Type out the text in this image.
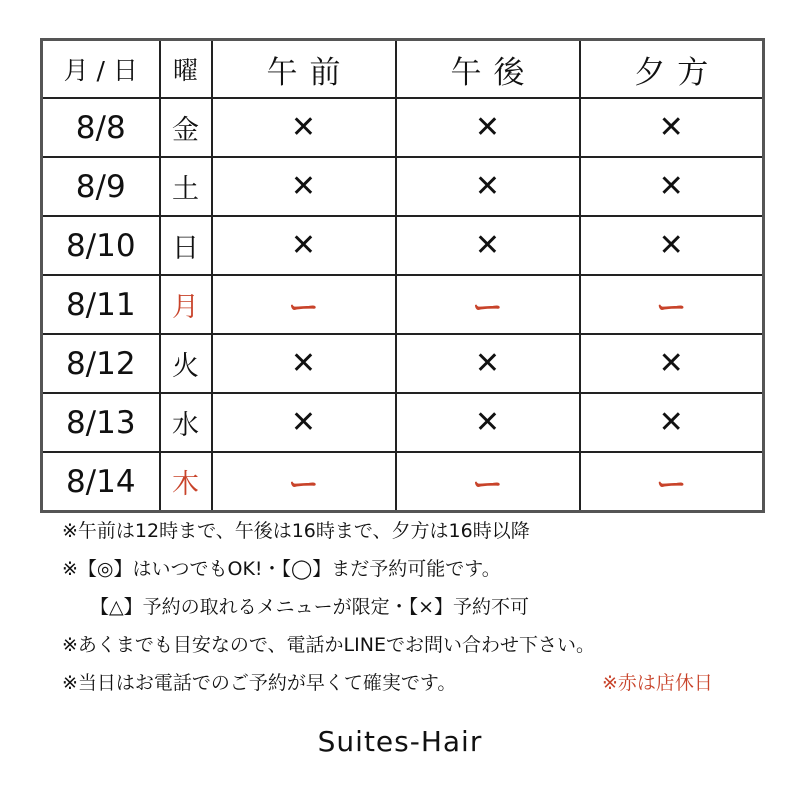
月 / 日	曜	午前	午後	夕方
8/8	金	✕	✕	✕
8/9	土	✕	✕	✕
8/10	日	✕	✕	✕
8/11	月	ー	ー	ー
8/12	火	✕	✕	✕
8/13	水	✕	✕	✕
8/14	木	ー	ー	ー
※午前は12時まで、午後は16時まで、夕方は16時以降
※【◎】はいつでもOK!・【◯】まだ予約可能です。
【△】予約の取れるメニューが限定・【×】予約不可
※あくまでも目安なので、電話かLINEでお問い合わせ下さい。
※当日はお電話でのご予約が早くて確実です。	※赤は店休日
Suites-Hair
